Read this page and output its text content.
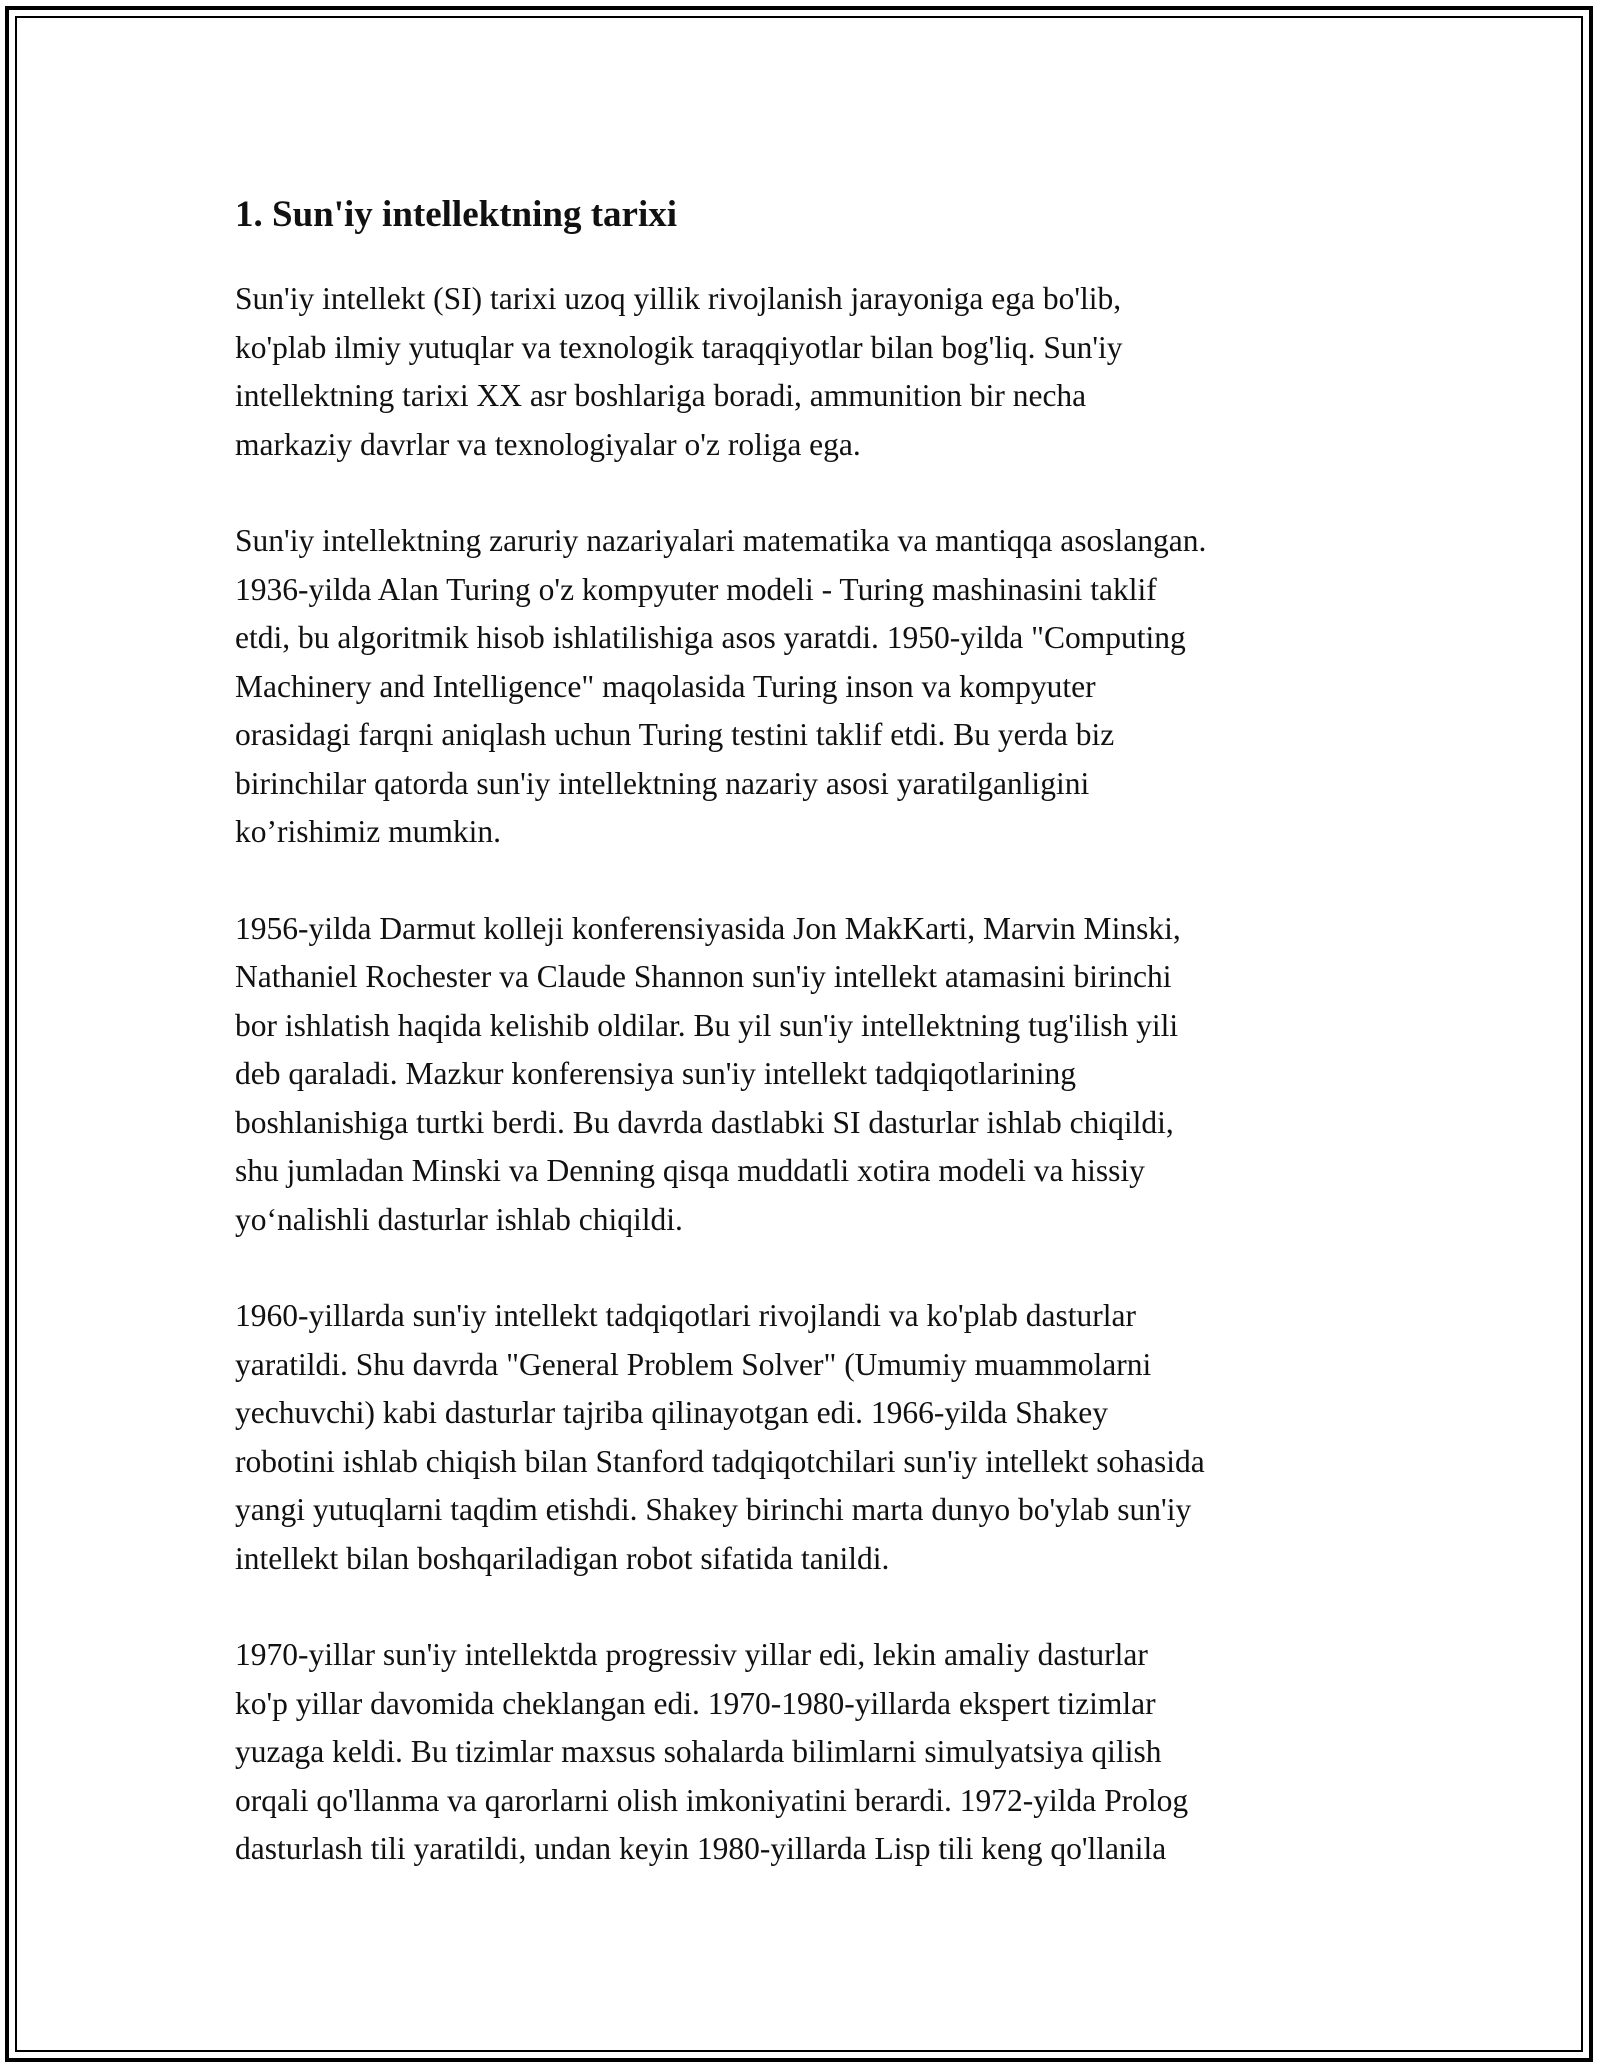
1. Sun'iy intellektning tarixi
Sun'iy intellekt (SI) tarixi uzoq yillik rivojlanish jarayoniga ega bo'lib,
ko'plab ilmiy yutuqlar va texnologik taraqqiyotlar bilan bog'liq. Sun'iy
intellektning tarixi XX asr boshlariga boradi, ammunition bir necha
markaziy davrlar va texnologiyalar o'z roliga ega.
Sun'iy intellektning zaruriy nazariyalari matematika va mantiqqa asoslangan.
1936-yilda Alan Turing o'z kompyuter modeli - Turing mashinasini taklif
etdi, bu algoritmik hisob ishlatilishiga asos yaratdi. 1950-yilda "Computing
Machinery and Intelligence" maqolasida Turing inson va kompyuter
orasidagi farqni aniqlash uchun Turing testini taklif etdi. Bu yerda biz
birinchilar qatorda sun'iy intellektning nazariy asosi yaratilganligini
ko’rishimiz mumkin.
1956-yilda Darmut kolleji konferensiyasida Jon MakKarti, Marvin Minski,
Nathaniel Rochester va Claude Shannon sun'iy intellekt atamasini birinchi
bor ishlatish haqida kelishib oldilar. Bu yil sun'iy intellektning tug'ilish yili
deb qaraladi. Mazkur konferensiya sun'iy intellekt tadqiqotlarining
boshlanishiga turtki berdi. Bu davrda dastlabki SI dasturlar ishlab chiqildi,
shu jumladan Minski va Denning qisqa muddatli xotira modeli va hissiy
yo‘nalishli dasturlar ishlab chiqildi.
1960-yillarda sun'iy intellekt tadqiqotlari rivojlandi va ko'plab dasturlar
yaratildi. Shu davrda "General Problem Solver" (Umumiy muammolarni
yechuvchi) kabi dasturlar tajriba qilinayotgan edi. 1966-yilda Shakey
robotini ishlab chiqish bilan Stanford tadqiqotchilari sun'iy intellekt sohasida
yangi yutuqlarni taqdim etishdi. Shakey birinchi marta dunyo bo'ylab sun'iy
intellekt bilan boshqariladigan robot sifatida tanildi.
1970-yillar sun'iy intellektda progressiv yillar edi, lekin amaliy dasturlar
ko'p yillar davomida cheklangan edi. 1970-1980-yillarda ekspert tizimlar
yuzaga keldi. Bu tizimlar maxsus sohalarda bilimlarni simulyatsiya qilish
orqali qo'llanma va qarorlarni olish imkoniyatini berardi. 1972-yilda Prolog
dasturlash tili yaratildi, undan keyin 1980-yillarda Lisp tili keng qo'llanila
